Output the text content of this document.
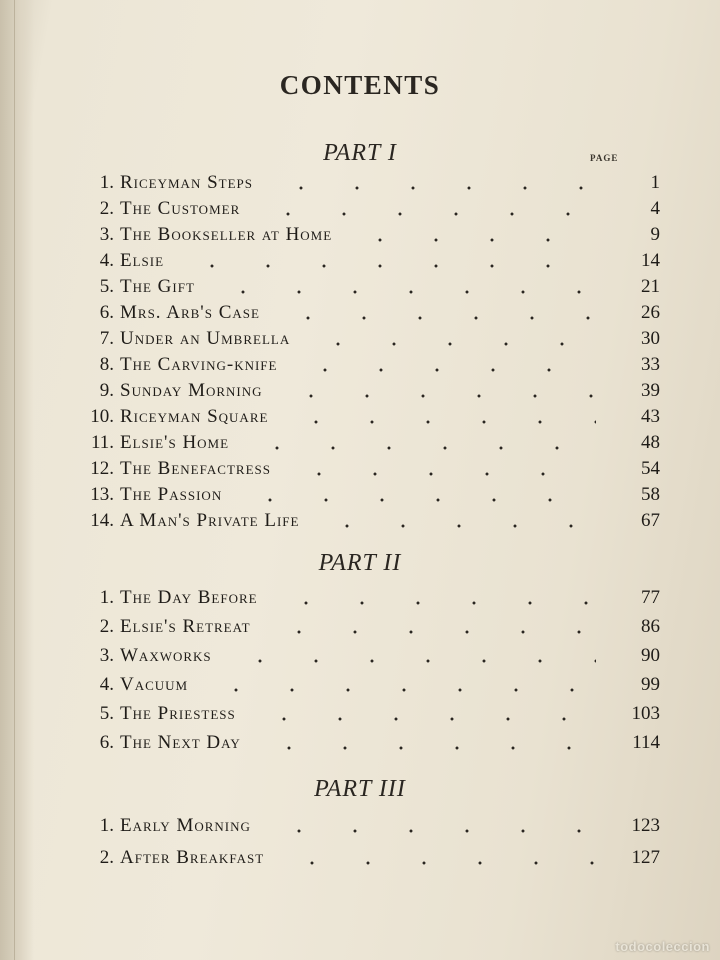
CONTENTS
PAGE
PART I
1. Riceyman Steps	1
2. The Customer	4
3. The Bookseller at Home	9
4. Elsie	14
5. The Gift	21
6. Mrs. Arb's Case	26
7. Under an Umbrella	30
8. The Carving-knife	33
9. Sunday Morning	39
10. Riceyman Square	43
11. Elsie's Home	48
12. The Benefactress	54
13. The Passion	58
14. A Man's Private Life	67
PART II
1. The Day Before	77
2. Elsie's Retreat	86
3. Waxworks	90
4. Vacuum	99
5. The Priestess	103
6. The Next Day	114
PART III
1. Early Morning	123
2. After Breakfast	127
todocoleccion
